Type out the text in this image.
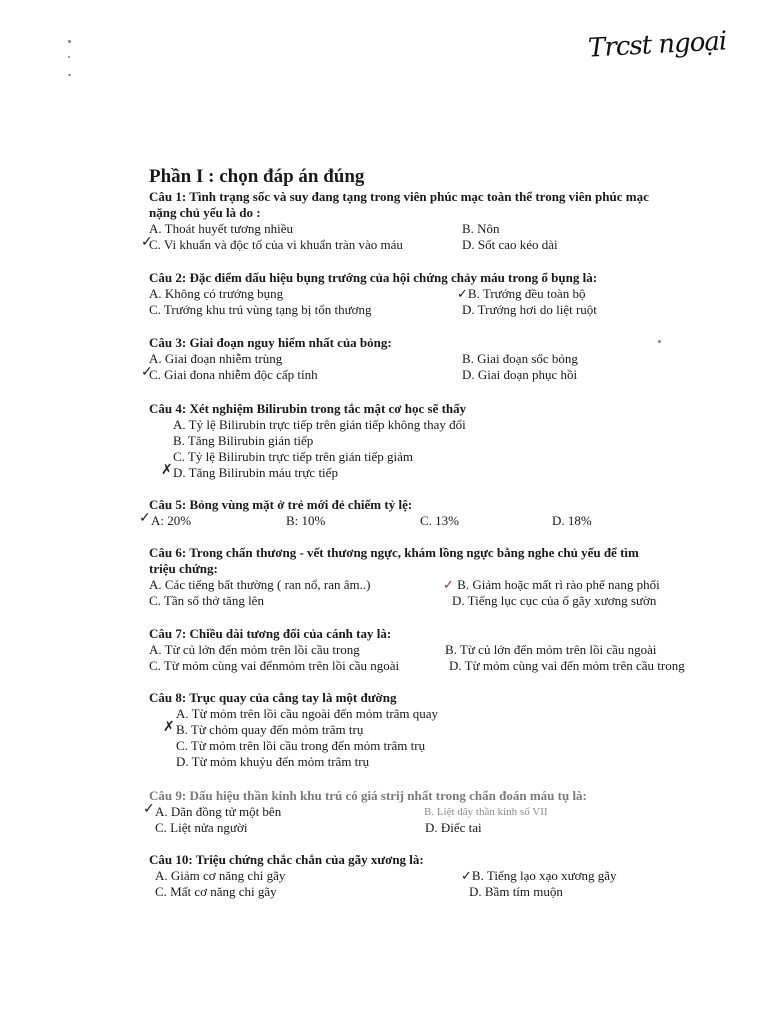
Trcst ngoại
Phần I : chọn đáp án đúng
Câu 1: Tình trạng sốc và suy đang tạng trong viên phúc mạc toàn thể trong viên phúc mạc
nặng chủ yếu là do :
A. Thoát huyết tương nhiều	B. Nôn
✓
C. Vi khuẩn và độc tố của vi khuẩn tràn vào máu	D. Sốt cao kéo dài
Câu 2: Đặc điểm dấu hiệu bụng trướng của hội chứng chảy máu trong ổ bụng là:
A. Không có trướng bụng	✓B. Trướng đều toàn bộ
C. Trướng khu trú vùng tạng bị tổn thương	D. Trướng hơi do liệt ruột
Câu 3: Giai đoạn nguy hiểm nhất của bỏng:
A. Giai đoạn nhiễm trùng	B. Giai đoạn sốc bỏng
✓
C. Giai đona nhiễm độc cấp tính	D. Giai đoạn phục hồi
Câu 4: Xét nghiệm Bilirubin trong tắc mật cơ học sẽ thấy
A. Tỷ lệ Bilirubin trực tiếp trên gián tiếp không thay đổi
B. Tăng Bilirubin gián tiếp
C. Tỷ lệ Bilirubin trực tiếp trên gián tiếp giảm
✗ D. Tăng Bilirubin máu trực tiếp
Câu 5: Bỏng vùng mặt ở trẻ mới đẻ chiếm tỷ lệ:
✓ A: 20%	B: 10%	C. 13%	D. 18%
Câu 6: Trong chấn thương - vết thương ngực, khám lồng ngực bằng nghe chủ yếu để tìm
triệu chứng:
A. Các tiếng bất thường ( ran nổ, ran âm..)	✓ B. Giảm hoặc mất rì rào phế nang phổi
C. Tần số thở tăng lên	D. Tiếng lục cục của ổ gãy xương sườn
Câu 7: Chiều dài tương đối của cánh tay là:
A. Từ củ lớn đến mỏm trên lồi cầu trong	B. Từ củ lớn đến mỏm trên lồi cầu ngoài
C. Từ mỏm cùng vai đếnmỏm trên lồi cầu ngoài	D. Từ mỏm cùng vai đến mỏm trên cầu trong
Câu 8: Trục quay của cẳng tay là một đường
A. Từ mỏm trên lồi cầu ngoài đến mỏm trâm quay
✗ B. Từ chỏm quay đến mỏm trâm trụ
C. Từ mỏm trên lồi cầu trong đến mỏm trâm trụ
D. Từ mỏm khuỷu đến mỏm trâm trụ
Câu 9: Dấu hiệu thần kinh khu trú có giá strij nhất trong chẩn đoán máu tụ là:
✓ A. Dãn đồng tử một bên	B. Liệt dây thần kinh số VII
C. Liệt nửa người	D. Điếc tai
Câu 10: Triệu chứng chắc chắn của gãy xương là:
A. Giảm cơ năng chi gãy	✓B. Tiếng lạo xạo xương gãy
C. Mất cơ năng chi gãy	D. Bầm tím muộn
